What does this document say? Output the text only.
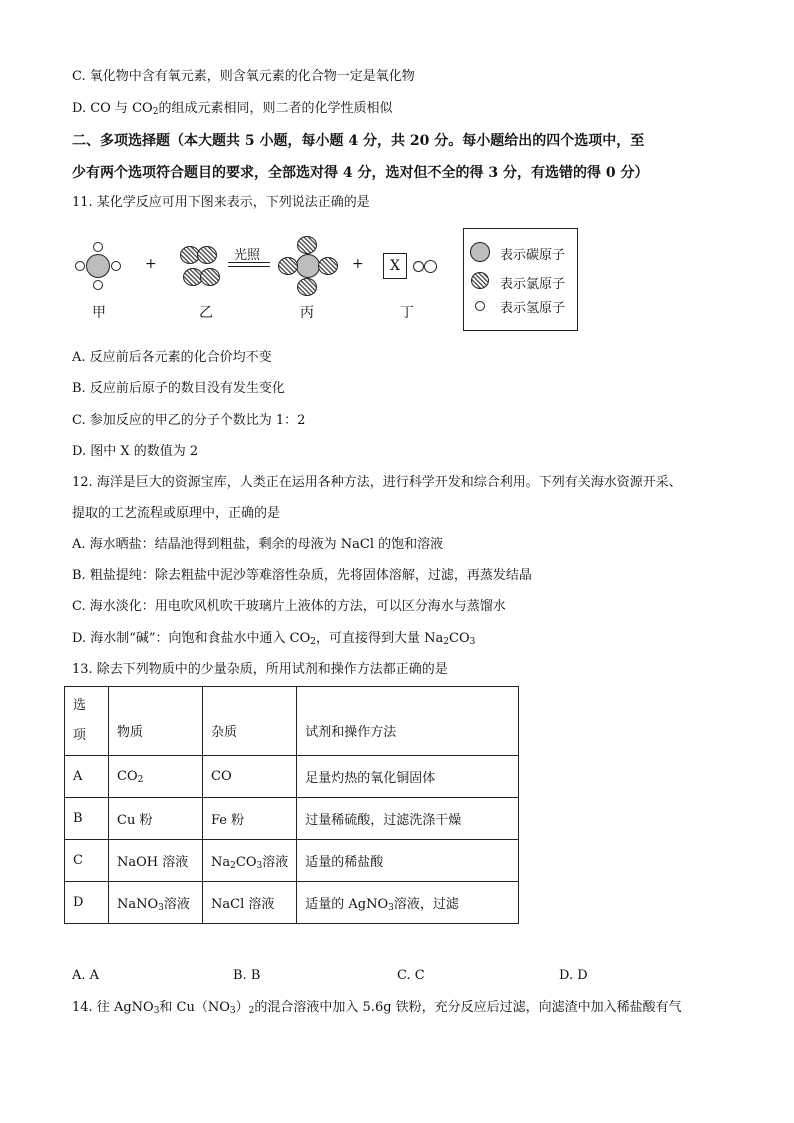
C. 氧化物中含有氧元素，则含氧元素的化合物一定是氧化物
D. CO 与 $CO_2$的组成元素相同，则二者的化学性质相似
二、多项选择题（本大题共 5 小题，每小题 4 分，共 20 分。每小题给出的四个选项中，至
少有两个选项符合题目的要求，全部选对得 4 分，选对但不全的得 3 分，有选错的得 0 分）
11. 某化学反应可用下图来表示，下列说法正确的是
+
光照
+	X
甲	乙	丙	丁
表示碳原子
表示氯原子
表示氢原子
A. 反应前后各元素的化合价均不变
B. 反应前后原子的数目没有发生变化
C. 参加反应的甲乙的分子个数比为 1：2
D. 图中 X 的数值为 2
12. 海洋是巨大的资源宝库，人类正在运用各种方法，进行科学开发和综合利用。下列有关海水资源开采、
提取的工艺流程或原理中，正确的是
A. 海水晒盐：结晶池得到粗盐，剩余的母液为 NaCl 的饱和溶液
B. 粗盐提纯：除去粗盐中泥沙等难溶性杂质，先将固体溶解，过滤，再蒸发结晶
C. 海水淡化：用电吹风机吹干玻璃片上液体的方法，可以区分海水与蒸馏水
D. 海水制“碱”：向饱和食盐水中通入 $CO_2$，可直接得到大量 $Na_2CO_3$
13. 除去下列物质中的少量杂质，所用试剂和操作方法都正确的是
选
项	物质	杂质	试剂和操作方法
A	$CO_2$	CO	足量灼热的氧化铜固体
B	Cu 粉	Fe 粉	过量稀硫酸，过滤洗涤干燥
C	NaOH 溶液	$Na_2CO_3$溶液	适量的稀盐酸
D	NaNO$_3$溶液	NaCl 溶液	适量的 AgNO$_3$溶液，过滤
A. A	B. B	C. C	D. D
14. 往 AgNO$_3$和 $Cu(NO_3)_2$的混合溶液中加入 5.6g 铁粉，充分反应后过滤，向滤渣中加入稀盐酸有气
